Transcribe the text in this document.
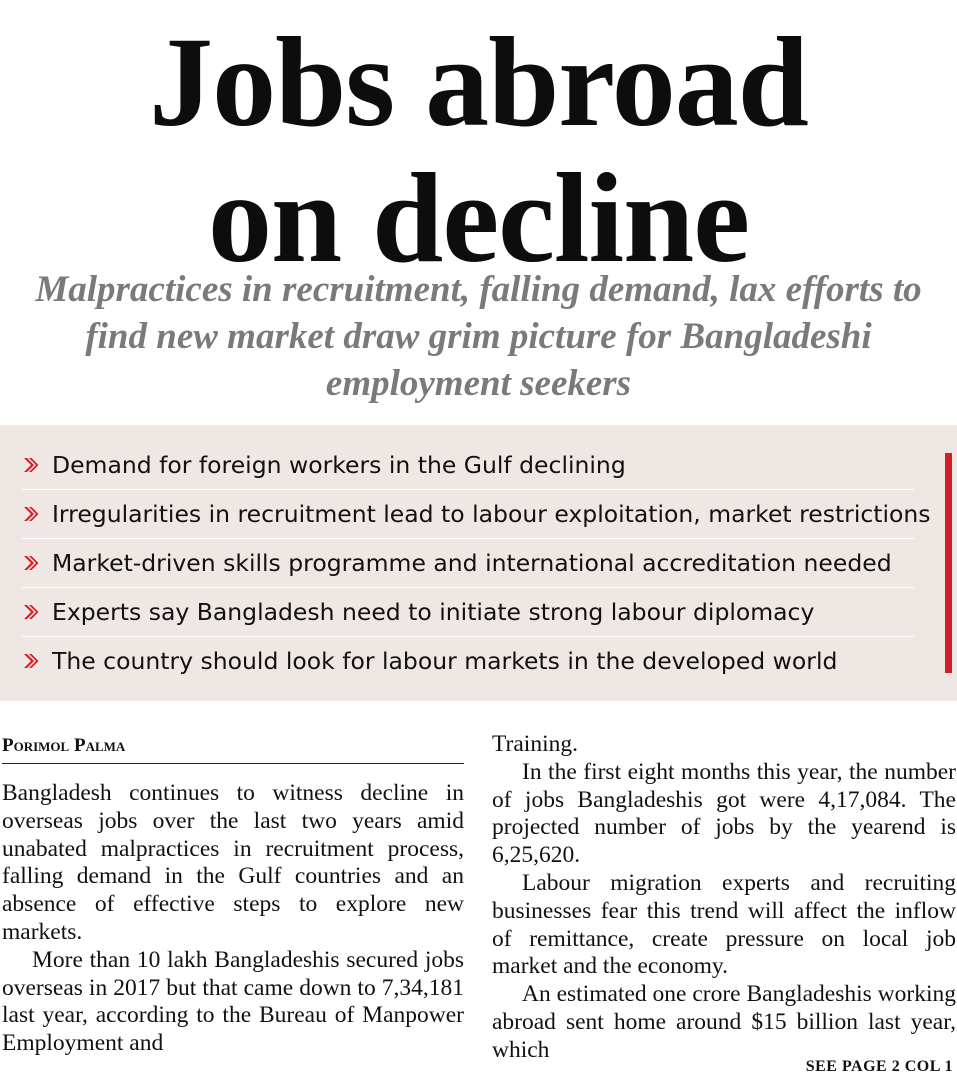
Jobs abroad
on decline
Malpractices in recruitment, falling demand, lax efforts to find new market draw grim picture for Bangladeshi employment seekers
Demand for foreign workers in the Gulf declining
Irregularities in recruitment lead to labour exploitation, market restrictions
Market-driven skills programme and international accreditation needed
Experts say Bangladesh need to initiate strong labour diplomacy
The country should look for labour markets in the developed world
Porimol Palma

Bangladesh continues to witness decline in overseas jobs over the last two years amid unabated malpractices in recruitment process, falling demand in the Gulf countries and an absence of effective steps to explore new markets.

More than 10 lakh Bangladeshis secured jobs overseas in 2017 but that came down to 7,34,181 last year, according to the Bureau of Manpower Employment and

Training.

In the first eight months this year, the number of jobs Bangladeshis got were 4,17,084. The projected number of jobs by the yearend is 6,25,620.

Labour migration experts and recruiting businesses fear this trend will affect the inflow of remittance, create pressure on local job market and the economy.

An estimated one crore Bangladeshis working abroad sent home around $15 billion last year, which

SEE PAGE 2 COL 1
